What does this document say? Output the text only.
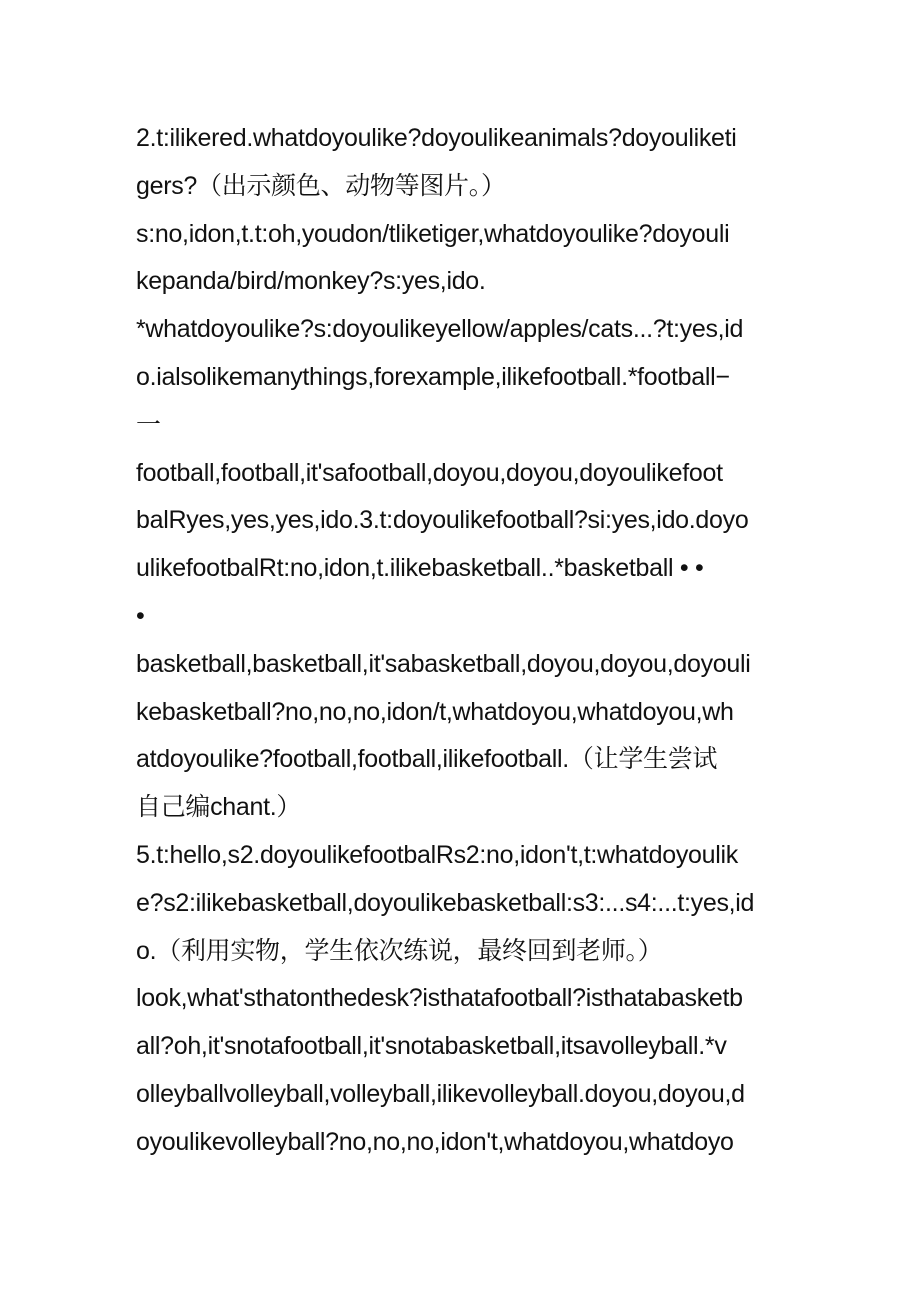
2.t:ilikered.whatdoyoulike?doyoulikeanimals?doyouliketi
gers?（出示颜色、动物等图片。）
s:no,idon,t.t:oh,youdon/tliketiger,whatdoyoulike?doyouli
kepanda/bird/monkey?s:yes,ido.
*whatdoyoulike?s:doyoulikeyellow/apples/cats...?t:yes,id
o.ialsolikemanythings,forexample,ilikefootball.*football−
一
football,football,it'safootball,doyou,doyou,doyoulikefoot
balRyes,yes,yes,ido.3.t:doyoulikefootball?si:yes,ido.doyo
ulikefootbalRt:no,idon,t.ilikebasketball..*basketball • •
•
basketball,basketball,it'sabasketball,doyou,doyou,doyouli
kebasketball?no,no,no,idon/t,whatdoyou,whatdoyou,wh
atdoyoulike?football,football,ilikefootball.（让学生尝试
自己编chant.）
5.t:hello,s2.doyoulikefootbalRs2:no,idon't,t:whatdoyoulik
e?s2:ilikebasketball,doyoulikebasketball:s3:...s4:...t:yes,id
o.（利用实物，学生依次练说，最终回到老师。）
look,what'sthatonthedesk?isthatafootball?isthatabasketb
all?oh,it'snotafootball,it'snotabasketball,itsavolleyball.*v
olleyballvolleyball,volleyball,ilikevolleyball.doyou,doyou,d
oyoulikevolleyball?no,no,no,idon't,whatdoyou,whatdoyo
